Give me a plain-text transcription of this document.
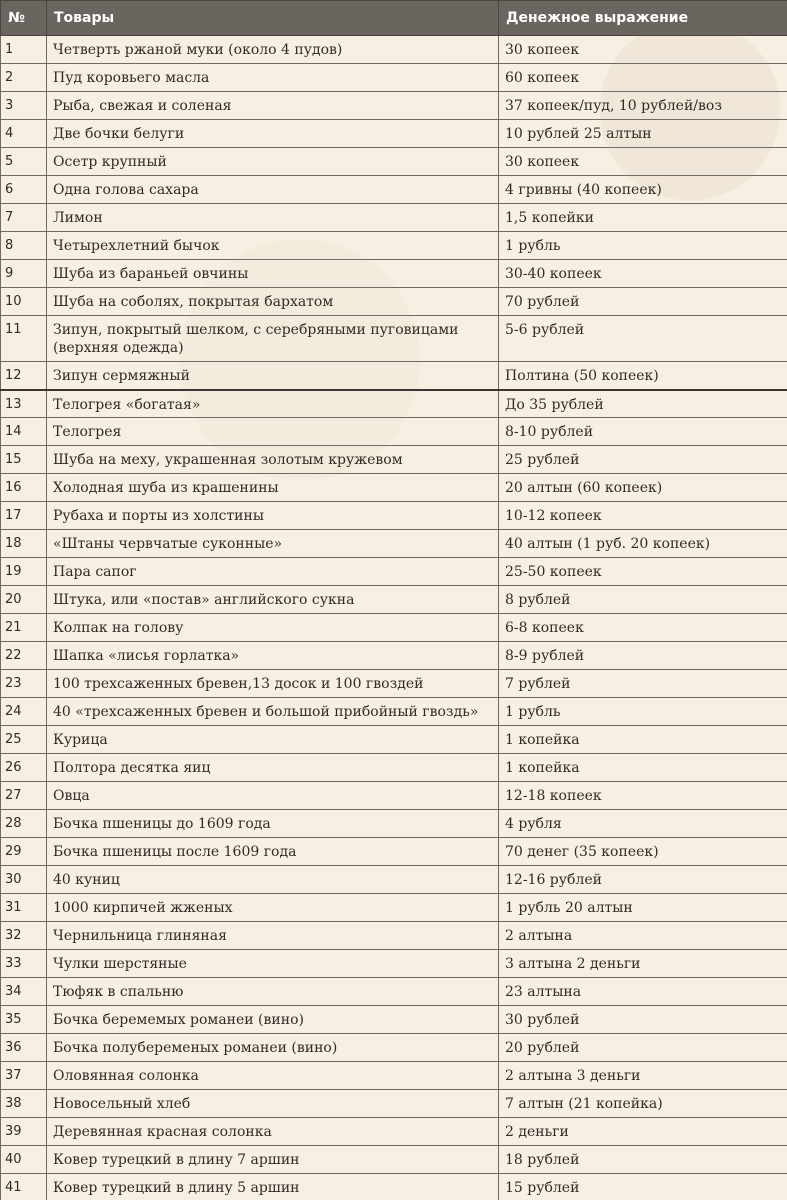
№	Товары	Денежное выражение

1	Четверть ржаной муки (около 4 пудов)	30 копеек

2	Пуд коровьего масла	60 копеек

3	Рыба, свежая и соленая	37 копеек/пуд, 10 рублей/воз

4	Две бочки белуги	10 рублей 25 алтын

5	Осетр крупный	30 копеек

6	Одна голова сахара	4 гривны (40 копеек)

7	Лимон	1,5 копейки

8	Четырехлетний бычок	1 рубль

9	Шуба из бараньей овчины	30-40 копеек

10	Шуба на соболях, покрытая бархатом	70 рублей

11	Зипун, покрытый шелком, с серебряными пуговицами (верхняя одежда)	5-6 рублей

12	Зипун сермяжный	Полтина (50 копеек)

13	Телогрея «богатая»	До 35 рублей

14	Телогрея	8-10 рублей

15	Шуба на меху, украшенная золотым кружевом	25 рублей

16	Холодная шуба из крашенины	20 алтын (60 копеек)

17	Рубаха и порты из холстины	10-12 копеек

18	«Штаны червчатые суконные»	40 алтын (1 руб. 20 копеек)

19	Пара сапог	25-50 копеек

20	Штука, или «постав» английского сукна	8 рублей

21	Колпак на голову	6-8 копеек

22	Шапка «лисья горлатка»	8-9 рублей

23	100 трехсаженных бревен,13 досок и 100 гвоздей	7 рублей

24	40 «трехсаженных бревен и большой прибойный гвоздь»	1 рубль

25	Курица	1 копейка

26	Полтора десятка яиц	1 копейка

27	Овца	12-18 копеек

28	Бочка пшеницы до 1609 года	4 рубля

29	Бочка пшеницы после 1609 года	70 денег (35 копеек)

30	40 куниц	12-16 рублей

31	1000 кирпичей жженых	1 рубль 20 алтын

32	Чернильница глиняная	2 алтына

33	Чулки шерстяные	3 алтына 2 деньги

34	Тюфяк в спальню	23 алтына

35	Бочка беремемых романеи (вино)	30 рублей

36	Бочка полубеременых романеи (вино)	20 рублей

37	Оловянная солонка	2 алтына 3 деньги

38	Новосельный хлеб	7 алтын (21 копейка)

39	Деревянная красная солонка	2 деньги

40	Ковер турецкий в длину 7 аршин	18 рублей

41	Ковер турецкий в длину 5 аршин	15 рублей
